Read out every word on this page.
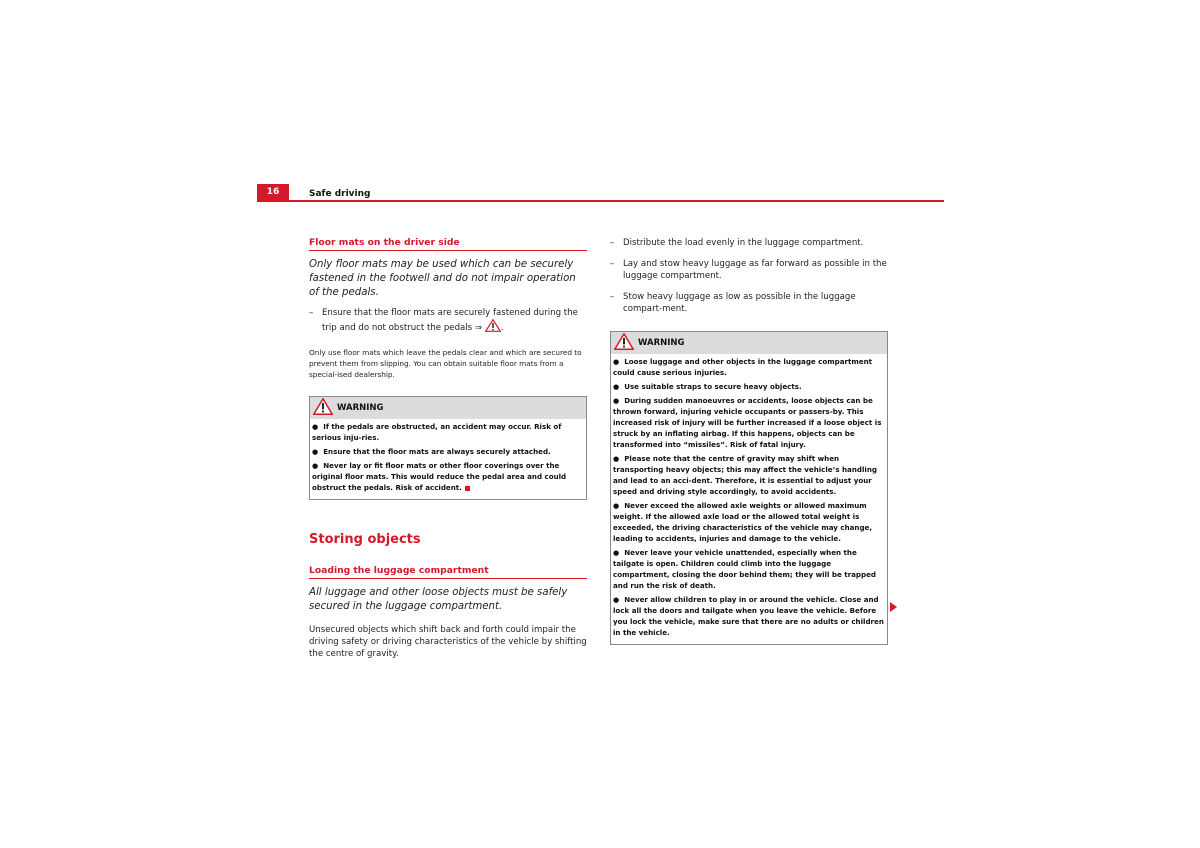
16	Safe driving
Floor mats on the driver side

Only floor mats may be used which can be securely fastened in the footwell and do not impair operation of the pedals.

– Ensure that the floor mats are securely fastened during the trip and do not obstruct the pedals ⇒ .

Only use floor mats which leave the pedals clear and which are secured to prevent them from slipping. You can obtain suitable floor mats from a special-ised dealership.

WARNING

● If the pedals are obstructed, an accident may occur. Risk of serious inju-ries.

● Ensure that the floor mats are always securely attached.

● Never lay or fit floor mats or other floor coverings over the original floor mats. This would reduce the pedal area and could obstruct the pedals. Risk of accident.

Storing objects
Loading the luggage compartment

All luggage and other loose objects must be safely secured in the luggage compartment.

Unsecured objects which shift back and forth could impair the driving safety or driving characteristics of the vehicle by shifting the centre of gravity.

– Distribute the load evenly in the luggage compartment.
– Lay and stow heavy luggage as far forward as possible in the luggage compartment.
– Stow heavy luggage as low as possible in the luggage compart-ment.
WARNING

● Loose luggage and other objects in the luggage compartment could cause serious injuries.

● Use suitable straps to secure heavy objects.

● During sudden manoeuvres or accidents, loose objects can be thrown forward, injuring vehicle occupants or passers-by. This increased risk of injury will be further increased if a loose object is struck by an inflating airbag. If this happens, objects can be transformed into “missiles”. Risk of fatal injury.

● Please note that the centre of gravity may shift when transporting heavy objects; this may affect the vehicle’s handling and lead to an acci-dent. Therefore, it is essential to adjust your speed and driving style accordingly, to avoid accidents.

● Never exceed the allowed axle weights or allowed maximum weight. If the allowed axle load or the allowed total weight is exceeded, the driving characteristics of the vehicle may change, leading to accidents, injuries and damage to the vehicle.

● Never leave your vehicle unattended, especially when the tailgate is open. Children could climb into the luggage compartment, closing the door behind them; they will be trapped and run the risk of death.

● Never allow children to play in or around the vehicle. Close and lock all the doors and tailgate when you leave the vehicle. Before you lock the vehicle, make sure that there are no adults or children in the vehicle.
